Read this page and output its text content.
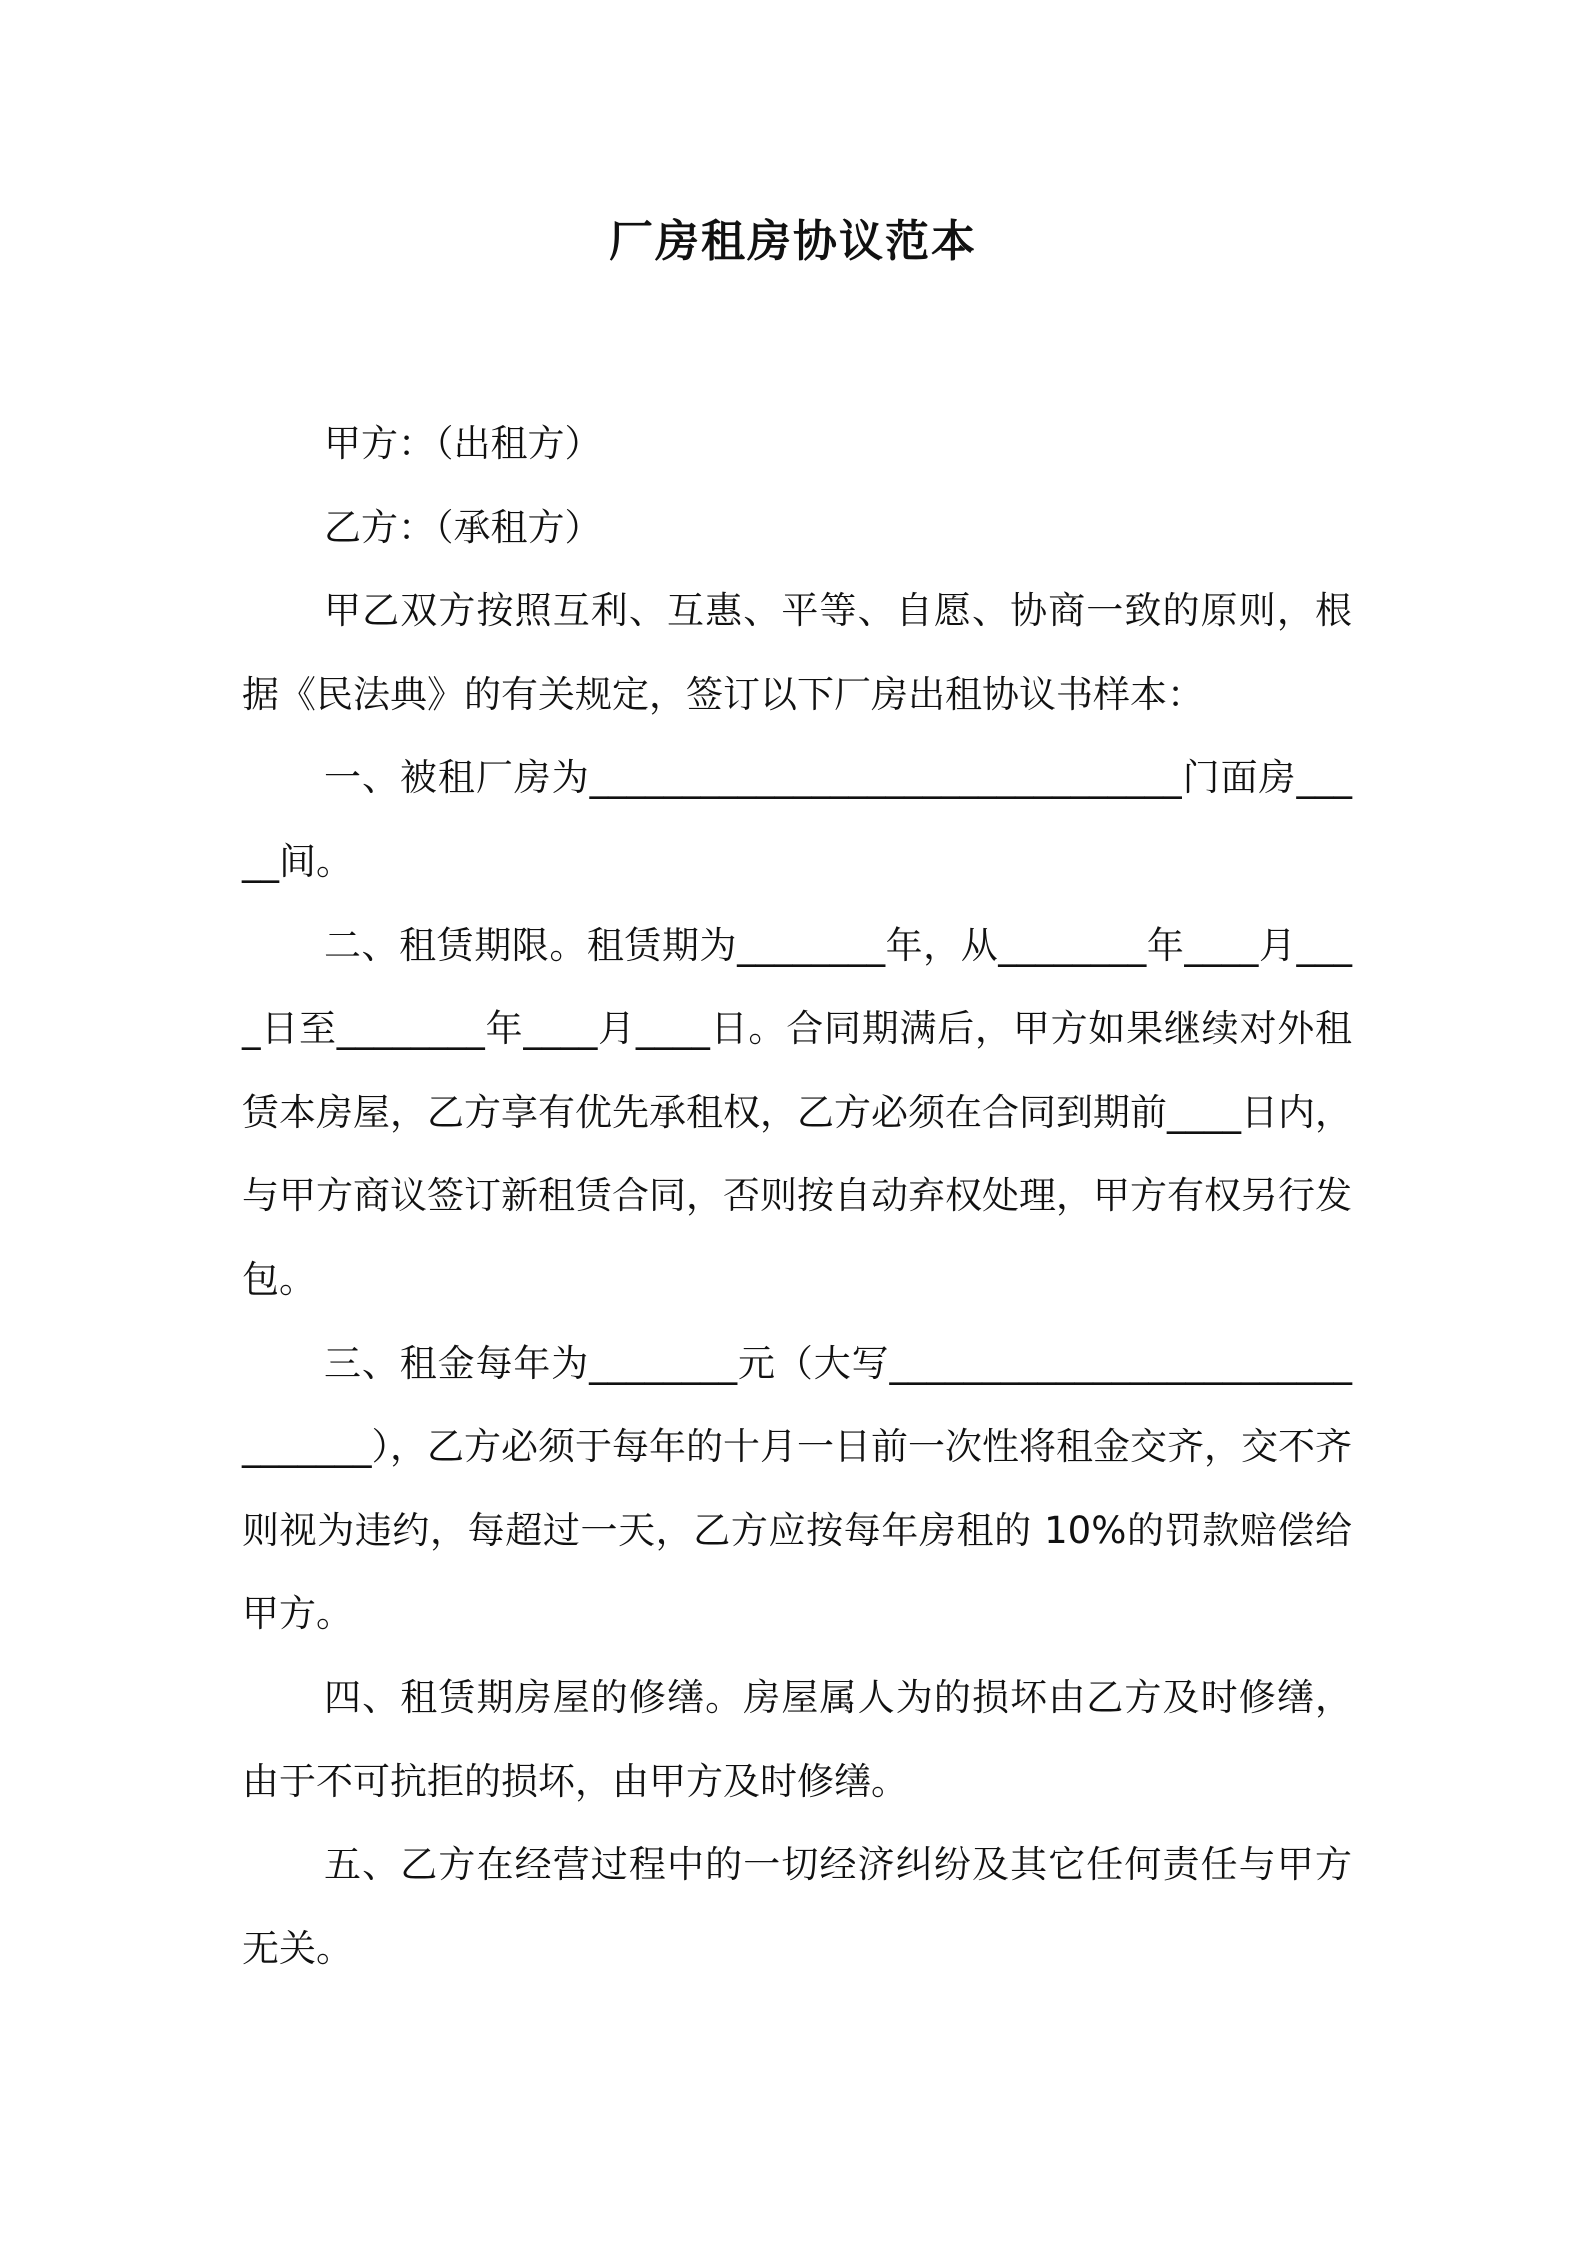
厂房租房协议范本

甲方：（出租方）

乙方：（承租方）

甲乙双方按照互利、互惠、平等、自愿、协商一致的原则，根据《民法典》的有关规定，签订以下厂房出租协议书样本：

一、被租厂房为________________________________门面房_____间。

二、租赁期限。租赁期为________年，从________年____月____日至________年____月____日。合同期满后，甲方如果继续对外租赁本房屋，乙方享有优先承租权，乙方必须在合同到期前____日内，与甲方商议签订新租赁合同，否则按自动弃权处理，甲方有权另行发包。

三、租金每年为________元（大写________________________________），乙方必须于每年的十月一日前一次性将租金交齐，交不齐则视为违约，每超过一天，乙方应按每年房租的 10%的罚款赔偿给甲方。

四、租赁期房屋的修缮。房屋属人为的损坏由乙方及时修缮，由于不可抗拒的损坏，由甲方及时修缮。

五、乙方在经营过程中的一切经济纠纷及其它任何责任与甲方无关。
